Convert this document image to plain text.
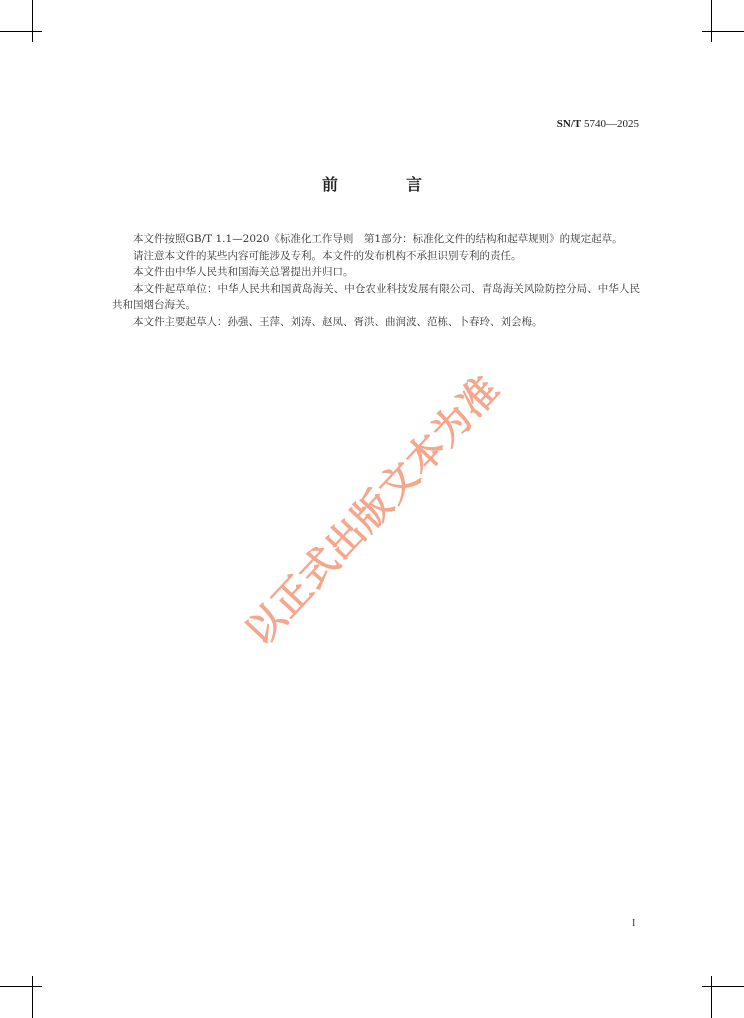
SN/T 5740—2025
前　言

本文件按照GB/T 1.1—2020《标准化工作导则　第1部分：标准化文件的结构和起草规则》的规定起草。

请注意本文件的某些内容可能涉及专利。本文件的发布机构不承担识别专利的责任。

本文件由中华人民共和国海关总署提出并归口。

本文件起草单位：中华人民共和国黄岛海关、中仓农业科技发展有限公司、青岛海关风险防控分局、中华人民共和国烟台海关。

本文件主要起草人：孙强、王萍、刘涛、赵凤、胥洪、曲润波、范栋、卜春玲、刘会梅。

以正式出版文本为准
I
